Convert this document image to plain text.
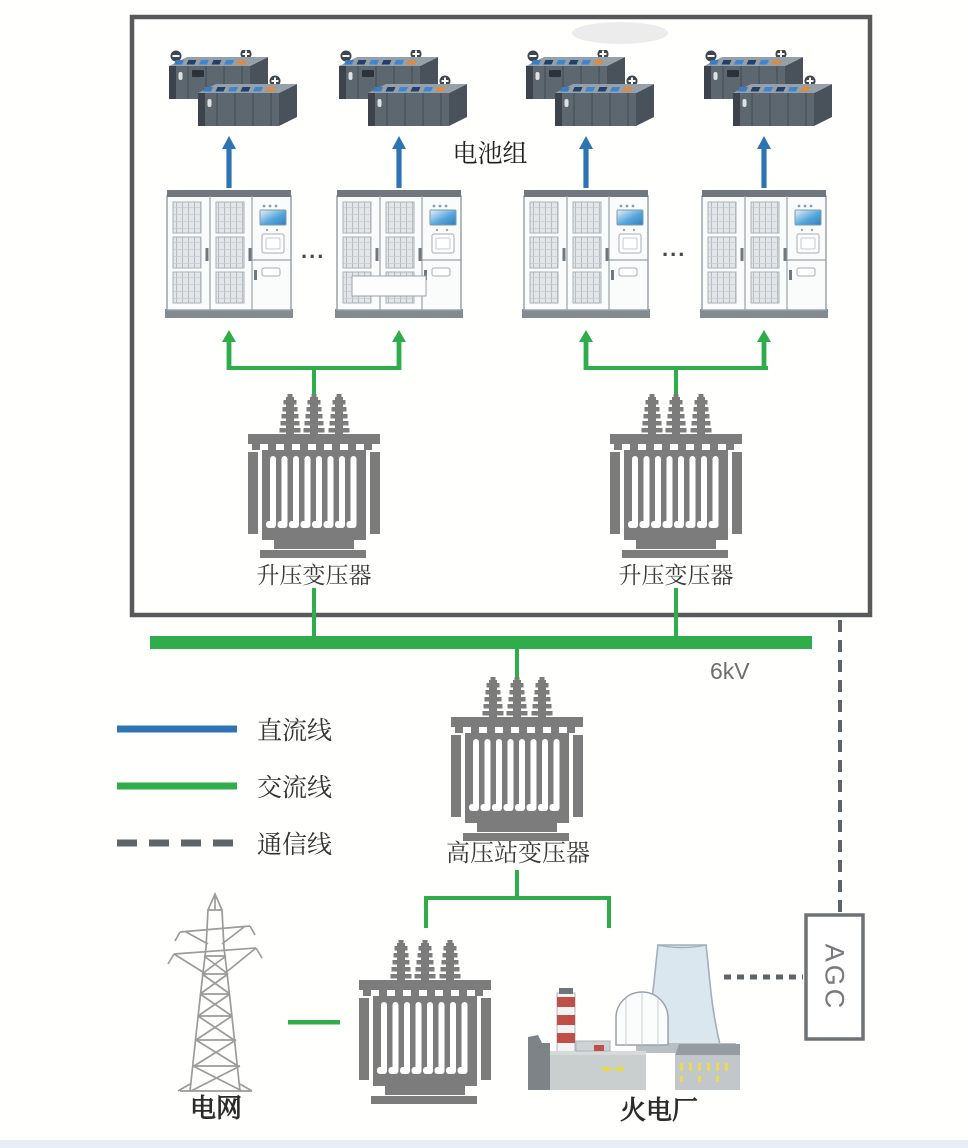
电池组
...	...
升压变压器	升压变压器
6kV
高压站变压器
电网	火电厂
AGC
直流线
交流线
通信线
